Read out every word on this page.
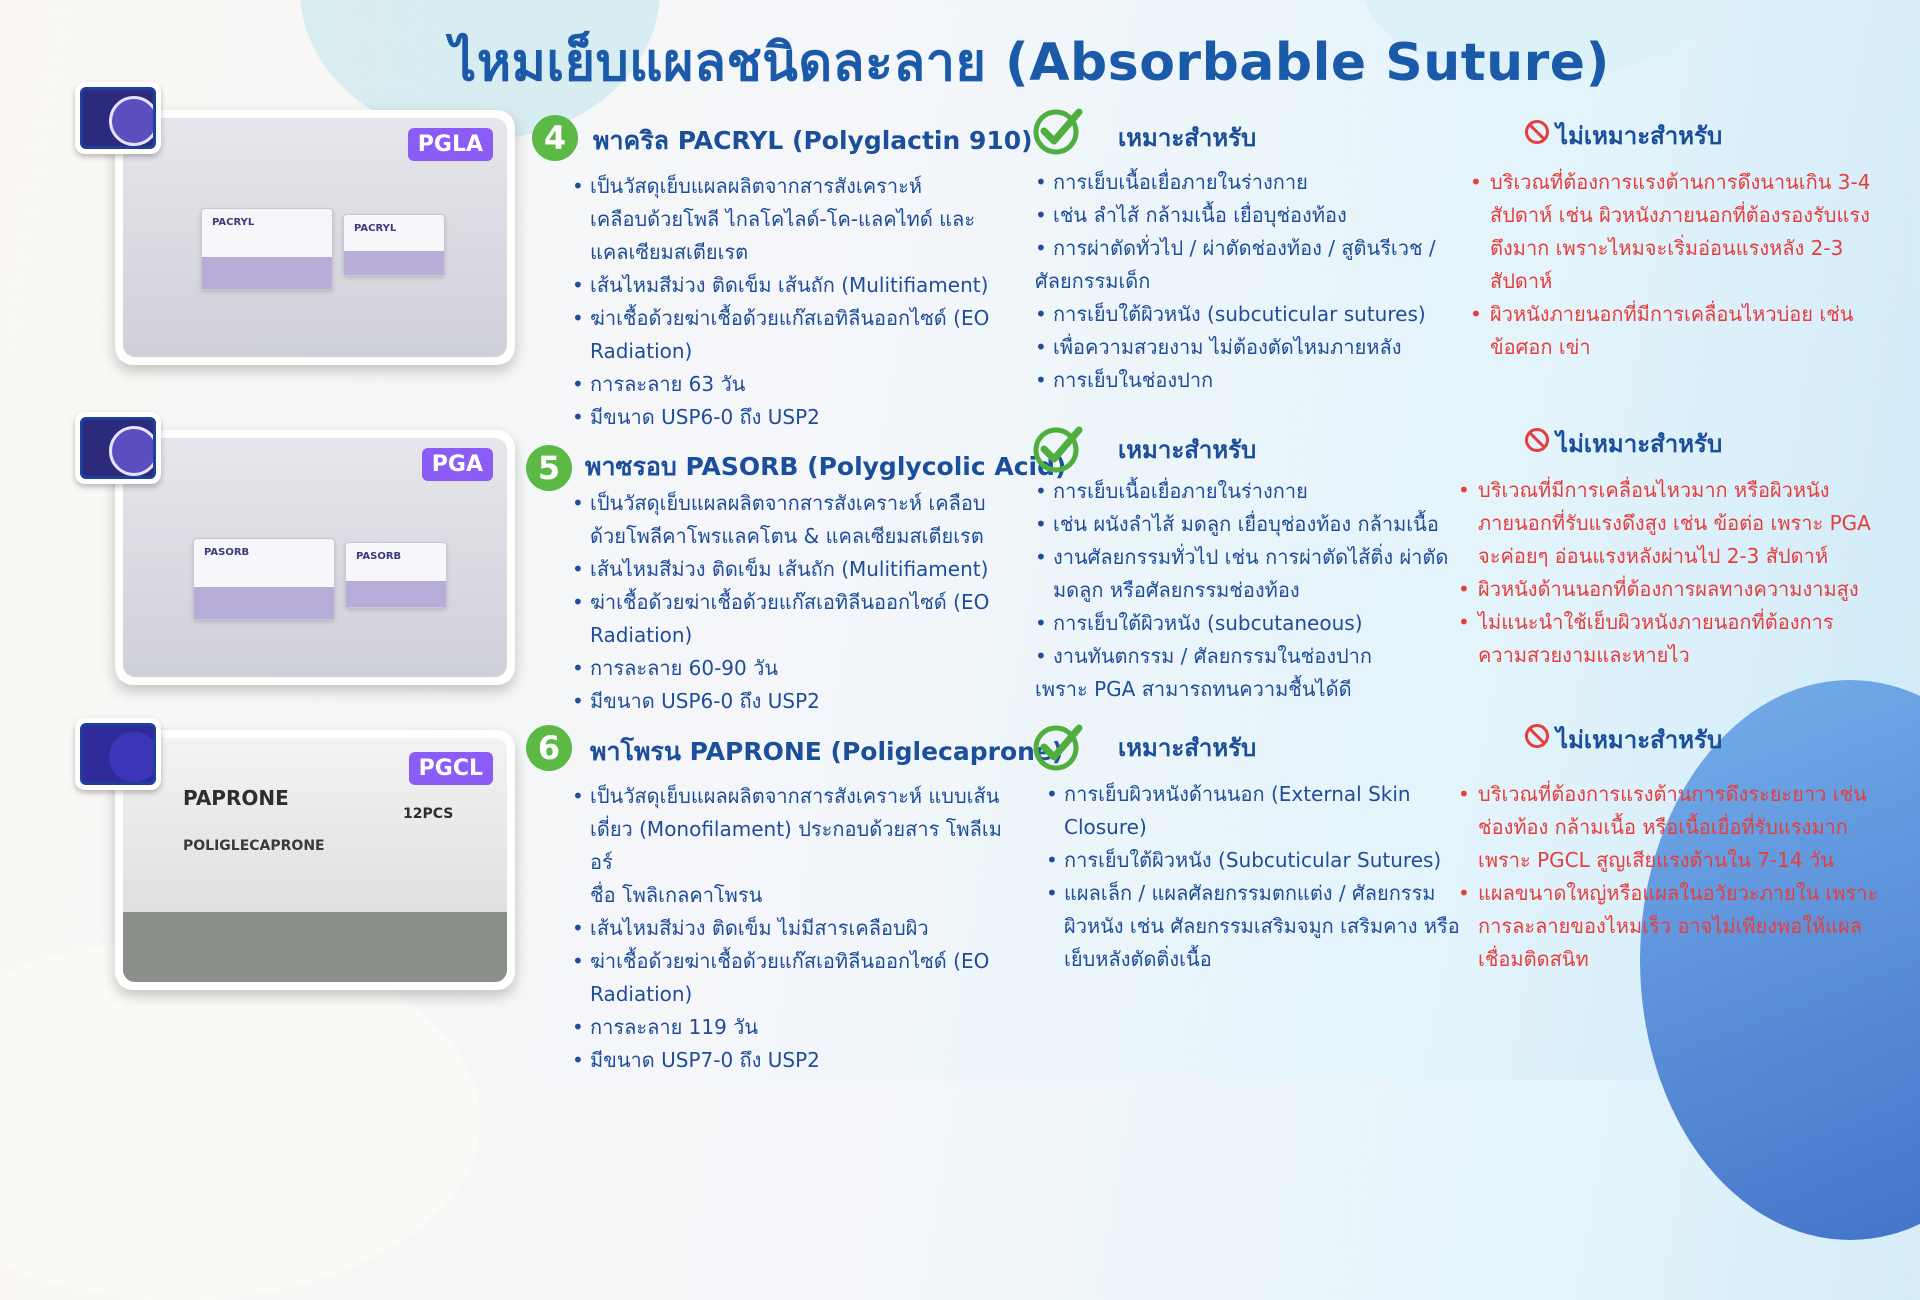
ไหมเย็บแผลชนิดละลาย (Absorbable Suture)
PACRYL
PACRYL
PGLA	4	พาคริล PACRYL (Polyglactin 910)
• เป็นวัสดุเย็บแผลผลิตจากสารสังเคราะห์
เคลือบด้วยโพลี ไกลโคไลด์-โค-แลคไทด์ และ
แคลเซียมสเตียเรต
• เส้นไหมสีม่วง ติดเข็ม เส้นถัก (Mulitifiament)
• ฆ่าเชื้อด้วยฆ่าเชื้อด้วยแก๊สเอทิลีนออกไซด์ (EO
Radiation)
• การละลาย 63 วัน
• มีขนาด USP6-0 ถึง USP2
เหมาะสำหรับ
• การเย็บเนื้อเยื่อภายในร่างกาย
• เช่น ลำไส้ กล้ามเนื้อ เยื่อบุช่องท้อง
• การผ่าตัดทั่วไป / ผ่าตัดช่องท้อง / สูตินรีเวช /
ศัลยกรรมเด็ก
• การเย็บใต้ผิวหนัง (subcuticular sutures)
• เพื่อความสวยงาม ไม่ต้องตัดไหมภายหลัง
• การเย็บในช่องปาก
ไม่เหมาะสำหรับ
• บริเวณที่ต้องการแรงต้านการดึงนานเกิน 3-4
สัปดาห์ เช่น ผิวหนังภายนอกที่ต้องรองรับแรง
ตึงมาก เพราะไหมจะเริ่มอ่อนแรงหลัง 2-3
สัปดาห์
• ผิวหนังภายนอกที่มีการเคลื่อนไหวบ่อย เช่น
ข้อศอก เข่า
PASORB	PASORB
PGA	5 พาซรอบ PASORB (Polyglycolic Acid)
• เป็นวัสดุเย็บแผลผลิตจากสารสังเคราะห์ เคลือบ
ด้วยโพลีคาโพรแลคโตน & แคลเซียมสเตียเรต
• เส้นไหมสีม่วง ติดเข็ม เส้นถัก (Mulitifiament)
• ฆ่าเชื้อด้วยฆ่าเชื้อด้วยแก๊สเอทิลีนออกไซด์ (EO
Radiation)
• การละลาย 60-90 วัน
• มีขนาด USP6-0 ถึง USP2
เหมาะสำหรับ
• การเย็บเนื้อเยื่อภายในร่างกาย
• เช่น ผนังลำไส้ มดลูก เยื่อบุช่องท้อง กล้ามเนื้อ
• งานศัลยกรรมทั่วไป เช่น การผ่าตัดไส้ติ่ง ผ่าตัด
มดลูก หรือศัลยกรรมช่องท้อง
• การเย็บใต้ผิวหนัง (subcutaneous)
• งานทันตกรรม / ศัลยกรรมในช่องปาก
เพราะ PGA สามารถทนความชื้นได้ดี
ไม่เหมาะสำหรับ
• บริเวณที่มีการเคลื่อนไหวมาก หรือผิวหนัง
ภายนอกที่รับแรงดึงสูง เช่น ข้อต่อ เพราะ PGA
จะค่อยๆ อ่อนแรงหลังผ่านไป 2-3 สัปดาห์
• ผิวหนังด้านนอกที่ต้องการผลทางความงามสูง
• ไม่แนะนำใช้เย็บผิวหนังภายนอกที่ต้องการ
ความสวยงามและหายไว
PAPRONE
POLIGLECAPRONE
12PCS
PGCL
6	พาโพรน PAPRONE (Poliglecaprone)
• เป็นวัสดุเย็บแผลผลิตจากสารสังเคราะห์ แบบเส้น
เดี่ยว (Monofilament) ประกอบด้วยสาร โพลีเมอร์
ชื่อ โพลิเกลคาโพรน
• เส้นไหมสีม่วง ติดเข็ม ไม่มีสารเคลือบผิว
• ฆ่าเชื้อด้วยฆ่าเชื้อด้วยแก๊สเอทิลีนออกไซด์ (EO
Radiation)
• การละลาย 119 วัน
• มีขนาด USP7-0 ถึง USP2
เหมาะสำหรับ
• การเย็บผิวหนังด้านนอก (External Skin
Closure)
• การเย็บใต้ผิวหนัง (Subcuticular Sutures)
• แผลเล็ก / แผลศัลยกรรมตกแต่ง / ศัลยกรรม
ผิวหนัง เช่น ศัลยกรรมเสริมจมูก เสริมคาง หรือ
เย็บหลังตัดติ่งเนื้อ
ไม่เหมาะสำหรับ
• บริเวณที่ต้องการแรงต้านการดึงระยะยาว เช่น
ช่องท้อง กล้ามเนื้อ หรือเนื้อเยื่อที่รับแรงมาก
เพราะ PGCL สูญเสียแรงต้านใน 7-14 วัน
• แผลขนาดใหญ่หรือแผลในอวัยวะภายใน เพราะ
การละลายของไหมเร็ว อาจไม่เพียงพอให้แผล
เชื่อมติดสนิท
